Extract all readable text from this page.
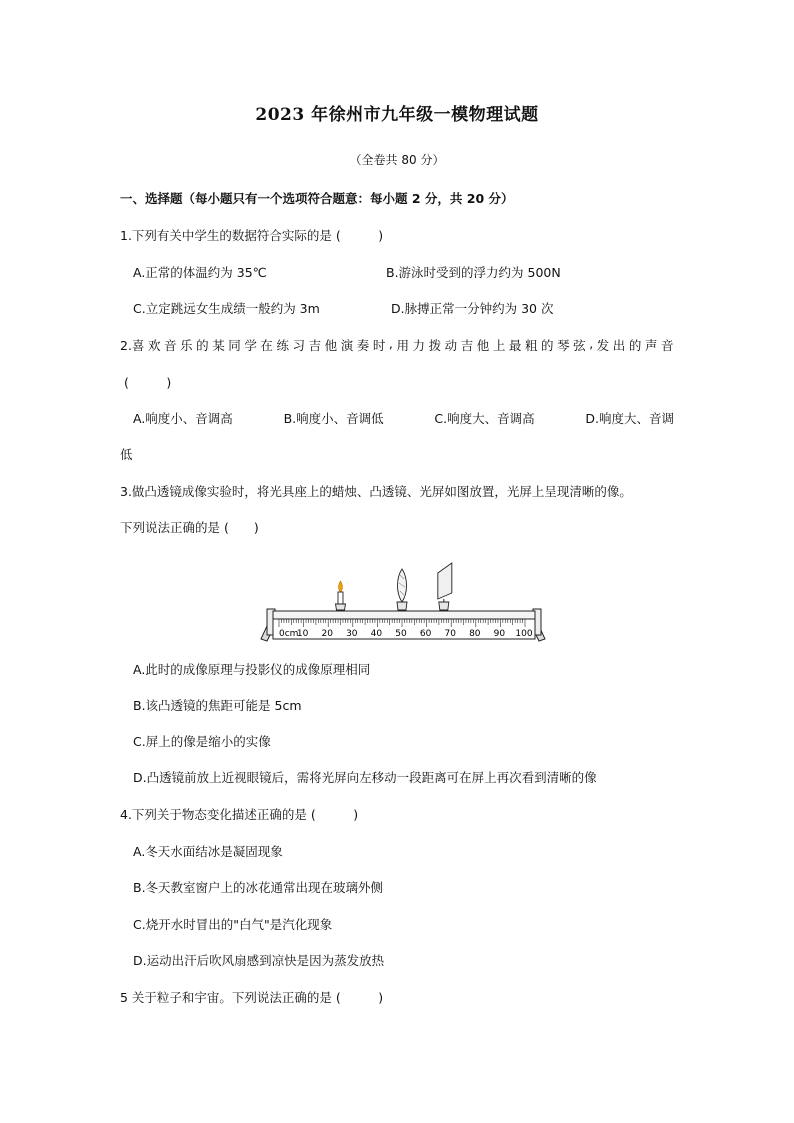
2023 年徐州市九年级一模物理试题
（全卷共 80 分）
一、选择题（每小题只有一个选项符合题意：每小题 2 分，共 20 分）
1.下列有关中学生的数据符合实际的是 (　　　)
A.正常的体温约为 35℃	B.游泳时受到的浮力约为 500N
C.立定跳远女生成绩一般约为 3m	D.脉搏正常一分钟约为 30 次
2.喜 欢 音 乐 的 某 同 学 在 练 习 吉 他 演 奏 时 , 用 力 拨 动 吉 他 上 最 粗 的 琴 弦 , 发 出 的 声 音
(　　　)
A.响度小、音调高	B.响度小、音调低	C.响度大、音调高	D.响度大、音调
低
3.做凸透镜成像实验时，将光具座上的蜡烛、凸透镜、光屏如图放置，光屏上呈现清晰的像。
下列说法正确的是 (　　)
0cm
10 20 30 40 50 60 70 80 90 100
A.此时的成像原理与投影仪的成像原理相同
B.该凸透镜的焦距可能是 5cm
C.屏上的像是缩小的实像
D.凸透镜前放上近视眼镜后，需将光屏向左移动一段距离可在屏上再次看到清晰的像
4.下列关于物态变化描述正确的是 (　　　)
A.冬天水面结冰是凝固现象
B.冬天教室窗户上的冰花通常出现在玻璃外侧
C.烧开水时冒出的"白气"是汽化现象
D.运动出汗后吹风扇感到凉快是因为蒸发放热
5 关于粒子和宇宙。下列说法正确的是 (　　　)
